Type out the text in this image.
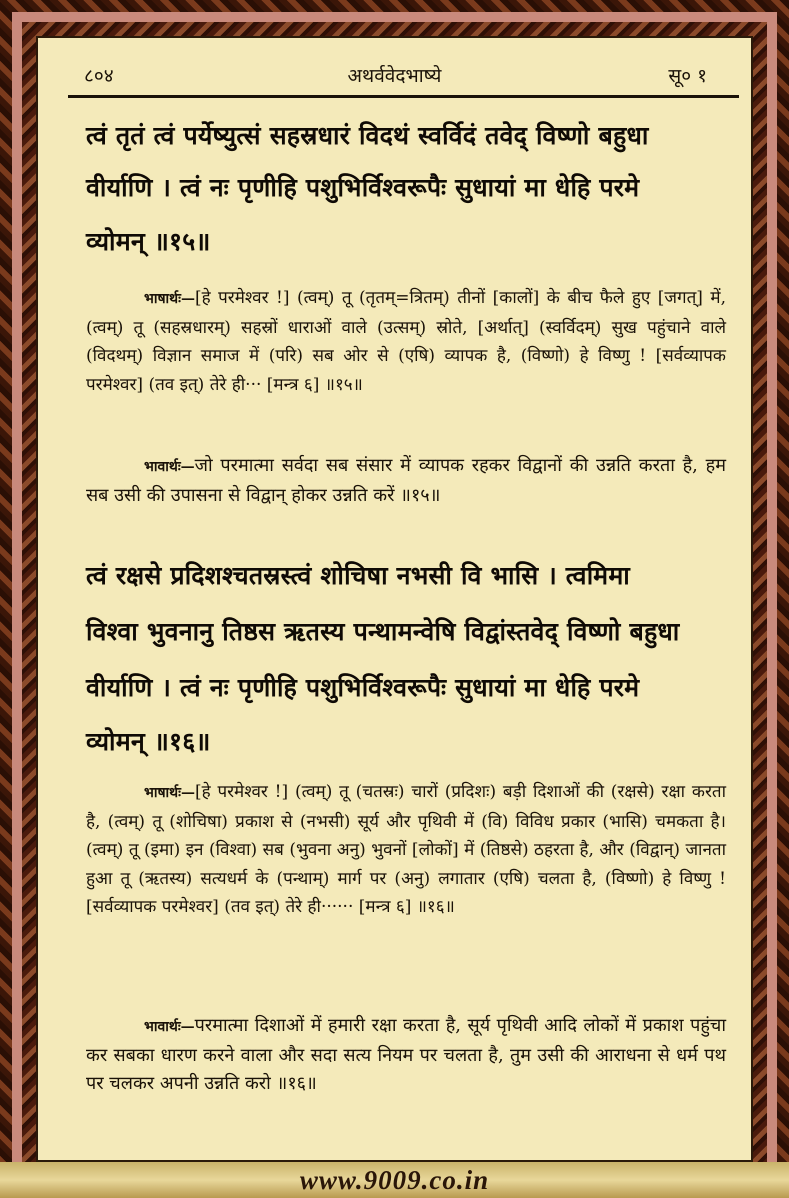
८०४	अथर्ववेदभाष्ये	सू० १
त्वं तृतं त्वं पर्येष्युत्सं सहस्रधारं विदथं स्वर्विदं तवेद् विष्णो बहुधा
वीर्याणि । त्वं नः पृणीहि पशुभिर्विश्वरूपैः सुधायां मा धेहि परमे
व्योमन् ॥१५॥
भाषार्थः—[हे परमेश्वर !] (त्वम्) तू (तृतम्=त्रितम्) तीनों [कालों] के बीच फैले हुए [जगत्] में, (त्वम्) तू (सहस्रधारम्) सहस्रों धाराओं वाले (उत्सम्) स्रोते, [अर्थात्] (स्वर्विदम्) सुख पहुंचाने वाले (विदथम्) विज्ञान समाज में (परि) सब ओर से (एषि) व्यापक है, (विष्णो) हे विष्णु ! [सर्वव्यापक परमेश्वर] (तव इत्) तेरे ही··· [मन्त्र ६] ॥१५॥
भावार्थः—जो परमात्मा सर्वदा सब संसार में व्यापक रहकर विद्वानों की उन्नति करता है, हम सब उसी की उपासना से विद्वान् होकर उन्नति करें ॥१५॥
त्वं रक्षसे प्रदिशश्चतस्रस्त्वं शोचिषा नभसी वि भासि । त्वमिमा
विश्वा भुवनानु तिष्ठस ऋतस्य पन्थामन्वेषि विद्वांस्तवेद् विष्णो बहुधा
वीर्याणि । त्वं नः पृणीहि पशुभिर्विश्वरूपैः सुधायां मा धेहि परमे
व्योमन् ॥१६॥
भाषार्थः—[हे परमेश्वर !] (त्वम्) तू (चतस्रः) चारों (प्रदिशः) बड़ी दिशाओं की (रक्षसे) रक्षा करता है, (त्वम्) तू (शोचिषा) प्रकाश से (नभसी) सूर्य और पृथिवी में (वि) विविध प्रकार (भासि) चमकता है। (त्वम्) तू (इमा) इन (विश्वा) सब (भुवना अनु) भुवनों [लोकों] में (तिष्ठसे) ठहरता है, और (विद्वान्) जानता हुआ तू (ऋतस्य) सत्यधर्म के (पन्थाम्) मार्ग पर (अनु) लगातार (एषि) चलता है, (विष्णो) हे विष्णु ! [सर्वव्यापक परमेश्वर] (तव इत्) तेरे ही······ [मन्त्र ६] ॥१६॥
भावार्थः—परमात्मा दिशाओं में हमारी रक्षा करता है, सूर्य पृथिवी आदि लोकों में प्रकाश पहुंचा कर सबका धारण करने वाला और सदा सत्य नियम पर चलता है, तुम उसी की आराधना से धर्म पथ पर चलकर अपनी उन्नति करो ॥१६॥
www.9009.co.in
